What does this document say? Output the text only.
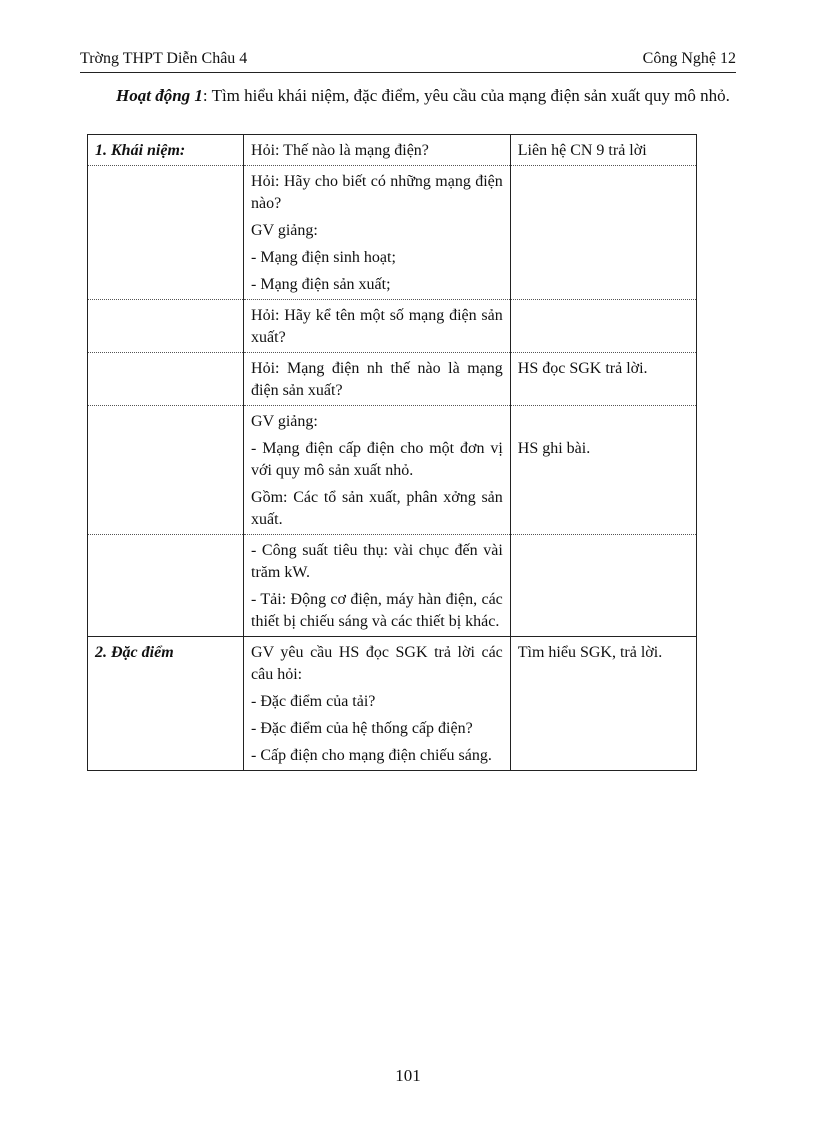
Trờng THPT Diễn Châu 4	Công Nghệ 12
Hoạt động 1: Tìm hiểu khái niệm, đặc điểm, yêu cầu của mạng điện sản xuất quy mô nhỏ.
1. Khái niệm:	Hỏi: Thế nào là mạng điện?	Liên hệ CN 9 trả lời

	Hỏi: Hãy cho biết có những mạng điện nào?
GV giảng:
- Mạng điện sinh hoạt;
- Mạng điện sản xuất;	

	Hỏi: Hãy kể tên một số mạng điện sản xuất?	

	Hỏi: Mạng điện nh thế nào là mạng điện sản xuất?	HS đọc SGK trả lời.

	GV giảng:
- Mạng điện cấp điện cho một đơn vị với quy mô sản xuất nhỏ.
Gồm: Các tổ sản xuất, phân xởng sản xuất.	HS ghi bài.

	- Công suất tiêu thụ: vài chục đến vài trăm kW.
- Tải: Động cơ điện, máy hàn điện, các thiết bị chiếu sáng và các thiết bị khác.	

2. Đặc điểm	GV yêu cầu HS đọc SGK trả lời các câu hỏi:
- Đặc điểm của tải?
- Đặc điểm của hệ thống cấp điện?
- Cấp điện cho mạng điện chiếu sáng.	Tìm hiểu SGK, trả lời.
101
